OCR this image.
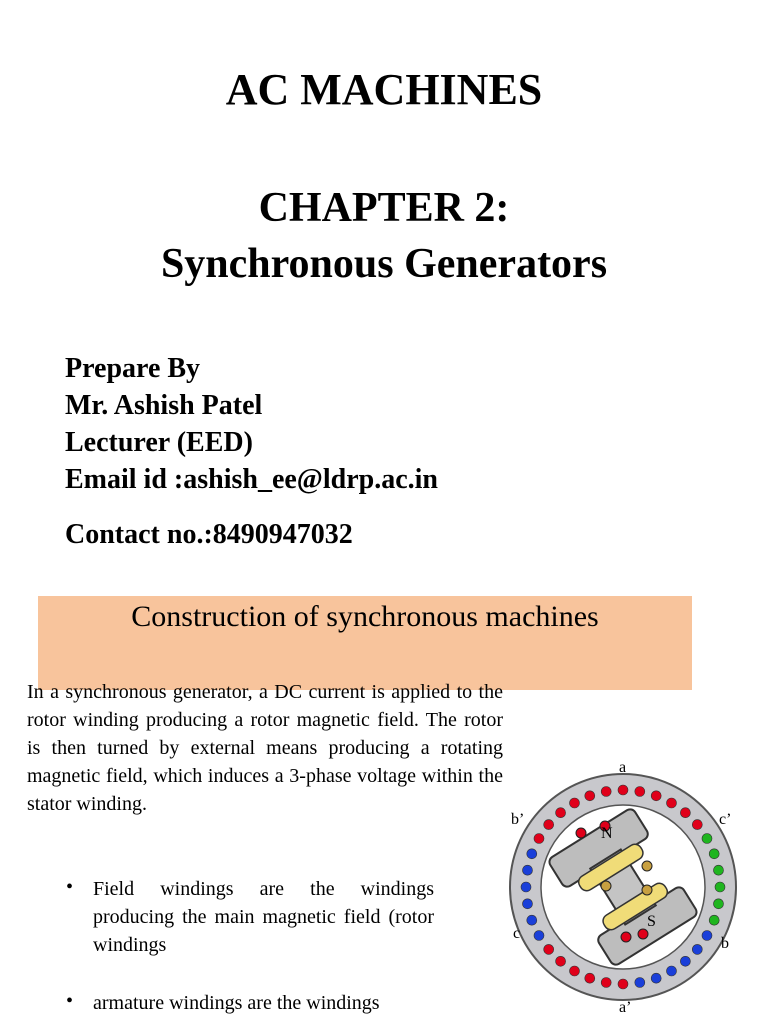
AC MACHINES
CHAPTER 2:
Synchronous Generators
Prepare By
Mr. Ashish Patel
Lecturer (EED)
Email id :ashish_ee@ldrp.ac.in
Contact no.:8490947032
Construction of synchronous machines
In a synchronous generator, a DC current is applied to the rotor winding producing a rotor magnetic field. The rotor is then turned by external means producing a rotating magnetic field, which induces a 3-phase voltage within the stator winding.
• Field windings are the windings producing the main magnetic field (rotor windings
• armature windings are the windings
N
S
a
a’
b’	c’
c
b
